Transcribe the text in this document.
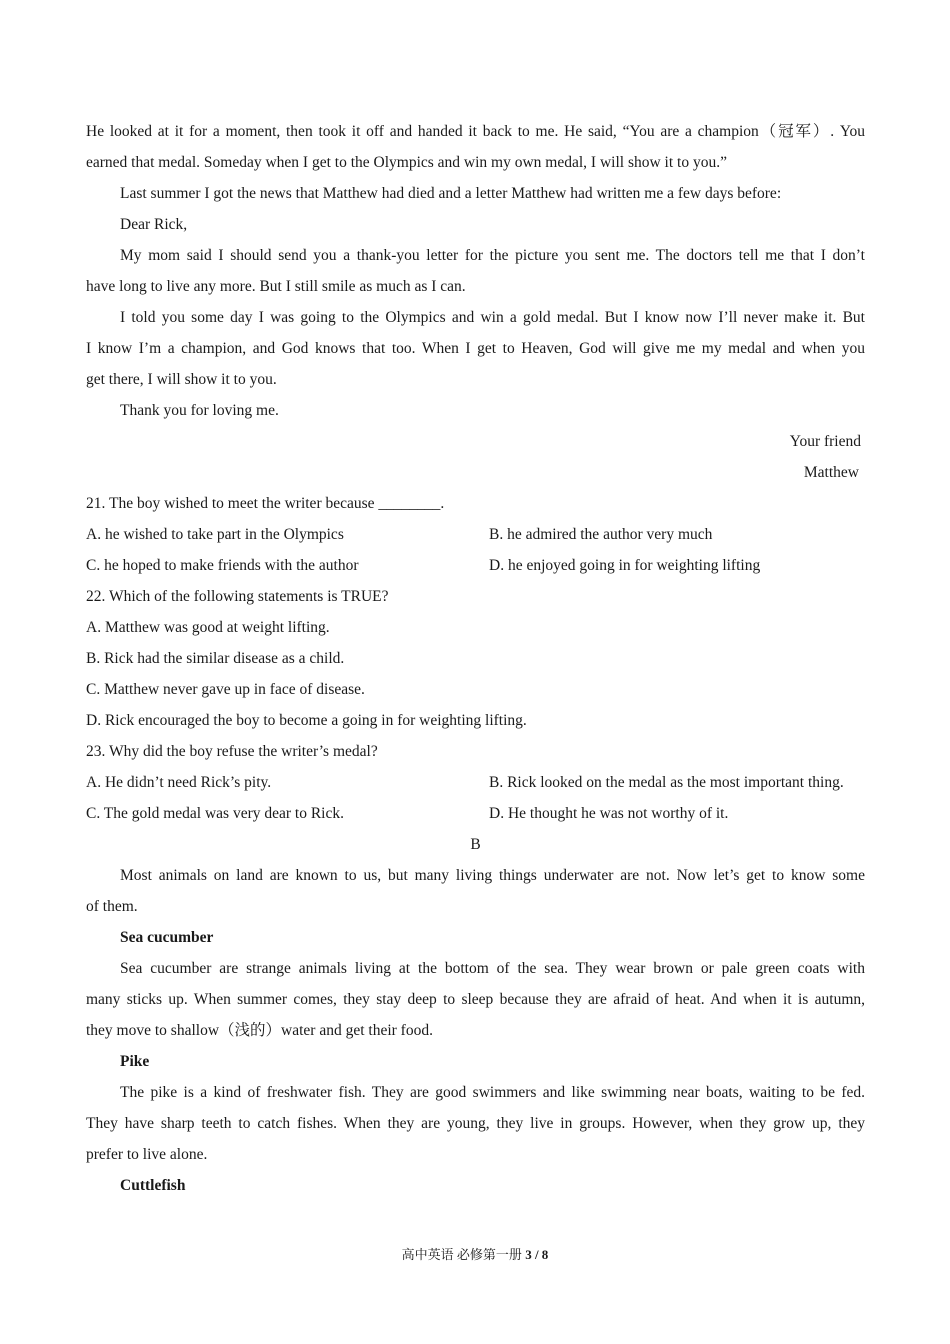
He looked at it for a moment, then took it off and handed it back to me. He said, “You are a champion（冠军）. You

earned that medal. Someday when I get to the Olympics and win my own medal, I will show it to you.”

Last summer I got the news that Matthew had died and a letter Matthew had written me a few days before:

Dear Rick,

My mom said I should send you a thank-you letter for the picture you sent me. The doctors tell me that I don’t

have long to live any more. But I still smile as much as I can.

I told you some day I was going to the Olympics and win a gold medal. But I know now I’ll never make it. But

I know I’m a champion, and God knows that too. When I get to Heaven, God will give me my medal and when you

get there, I will show it to you.

Thank you for loving me.

Your friend

Matthew

21. The boy wished to meet the writer because ________.

A. he wished to take part in the Olympics	B. he admired the author very much
C. he hoped to make friends with the author	D. he enjoyed going in for weighting lifting

22. Which of the following statements is TRUE?

A. Matthew was good at weight lifting.

B. Rick had the similar disease as a child.

C. Matthew never gave up in face of disease.

D. Rick encouraged the boy to become a going in for weighting lifting.

23. Why did the boy refuse the writer’s medal?

A. He didn’t need Rick’s pity.	B. Rick looked on the medal as the most important thing.
C. The gold medal was very dear to Rick.	D. He thought he was not worthy of it.

B

Most animals on land are known to us, but many living things underwater are not. Now let’s get to know some

of them.

Sea cucumber

Sea cucumber are strange animals living at the bottom of the sea. They wear brown or pale green coats with

many sticks up. When summer comes, they stay deep to sleep because they are afraid of heat. And when it is autumn,

they move to shallow（浅的）water and get their food.

Pike

The pike is a kind of freshwater fish. They are good swimmers and like swimming near boats, waiting to be fed.

They have sharp teeth to catch fishes. When they are young, they live in groups. However, when they grow up, they

prefer to live alone.

Cuttlefish

高中英语 必修第一册 3 / 8
